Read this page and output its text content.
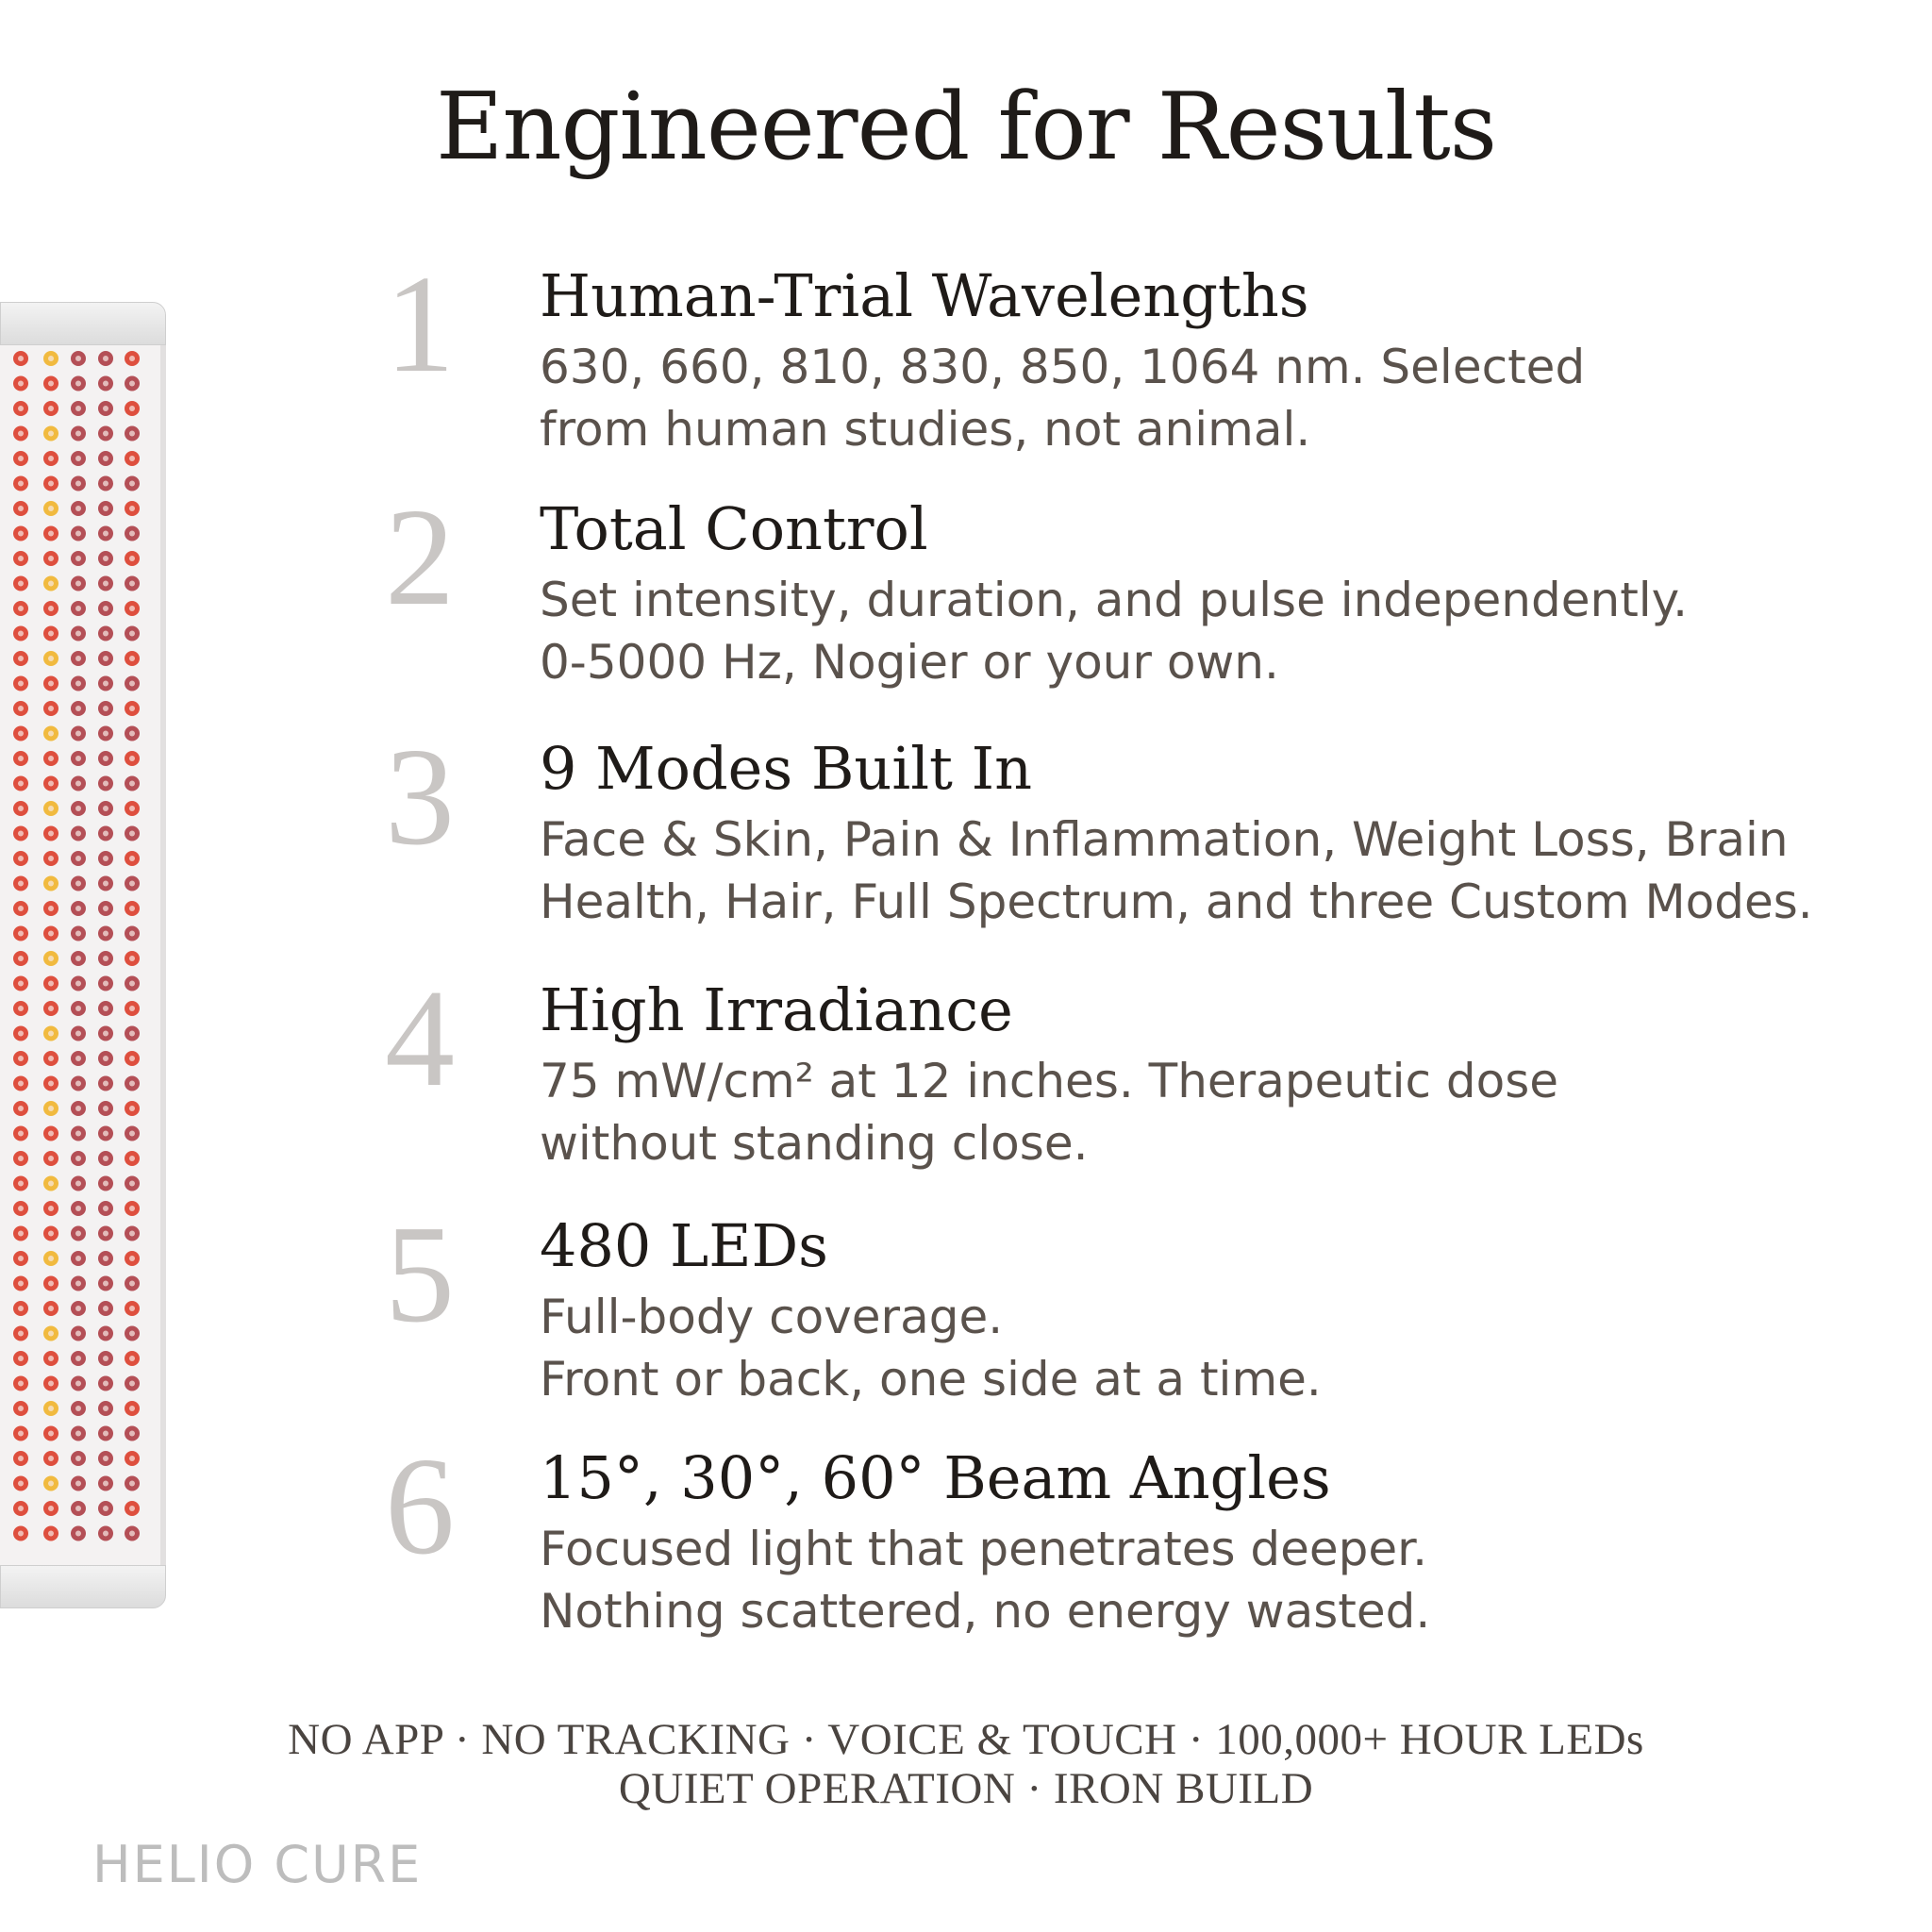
Engineered for Results
1	Human-Trial Wavelengths
630, 660, 810, 830, 850, 1064 nm. Selected
from human studies, not animal.
2	Total Control
Set intensity, duration, and pulse independently.
0-5000 Hz, Nogier or your own.
3	9 Modes Built In
Face & Skin, Pain & Inflammation, Weight Loss, Brain
Health, Hair, Full Spectrum, and three Custom Modes.
4	High Irradiance
75 mW/cm² at 12 inches. Therapeutic dose
without standing close.
5	480 LEDs
Full-body coverage.
Front or back, one side at a time.
6	15°, 30°, 60° Beam Angles
Focused light that penetrates deeper.
Nothing scattered, no energy wasted.
NO APP · NO TRACKING · VOICE & TOUCH · 100,000+ HOUR LEDs
QUIET OPERATION · IRON BUILD
HELIO CURE
